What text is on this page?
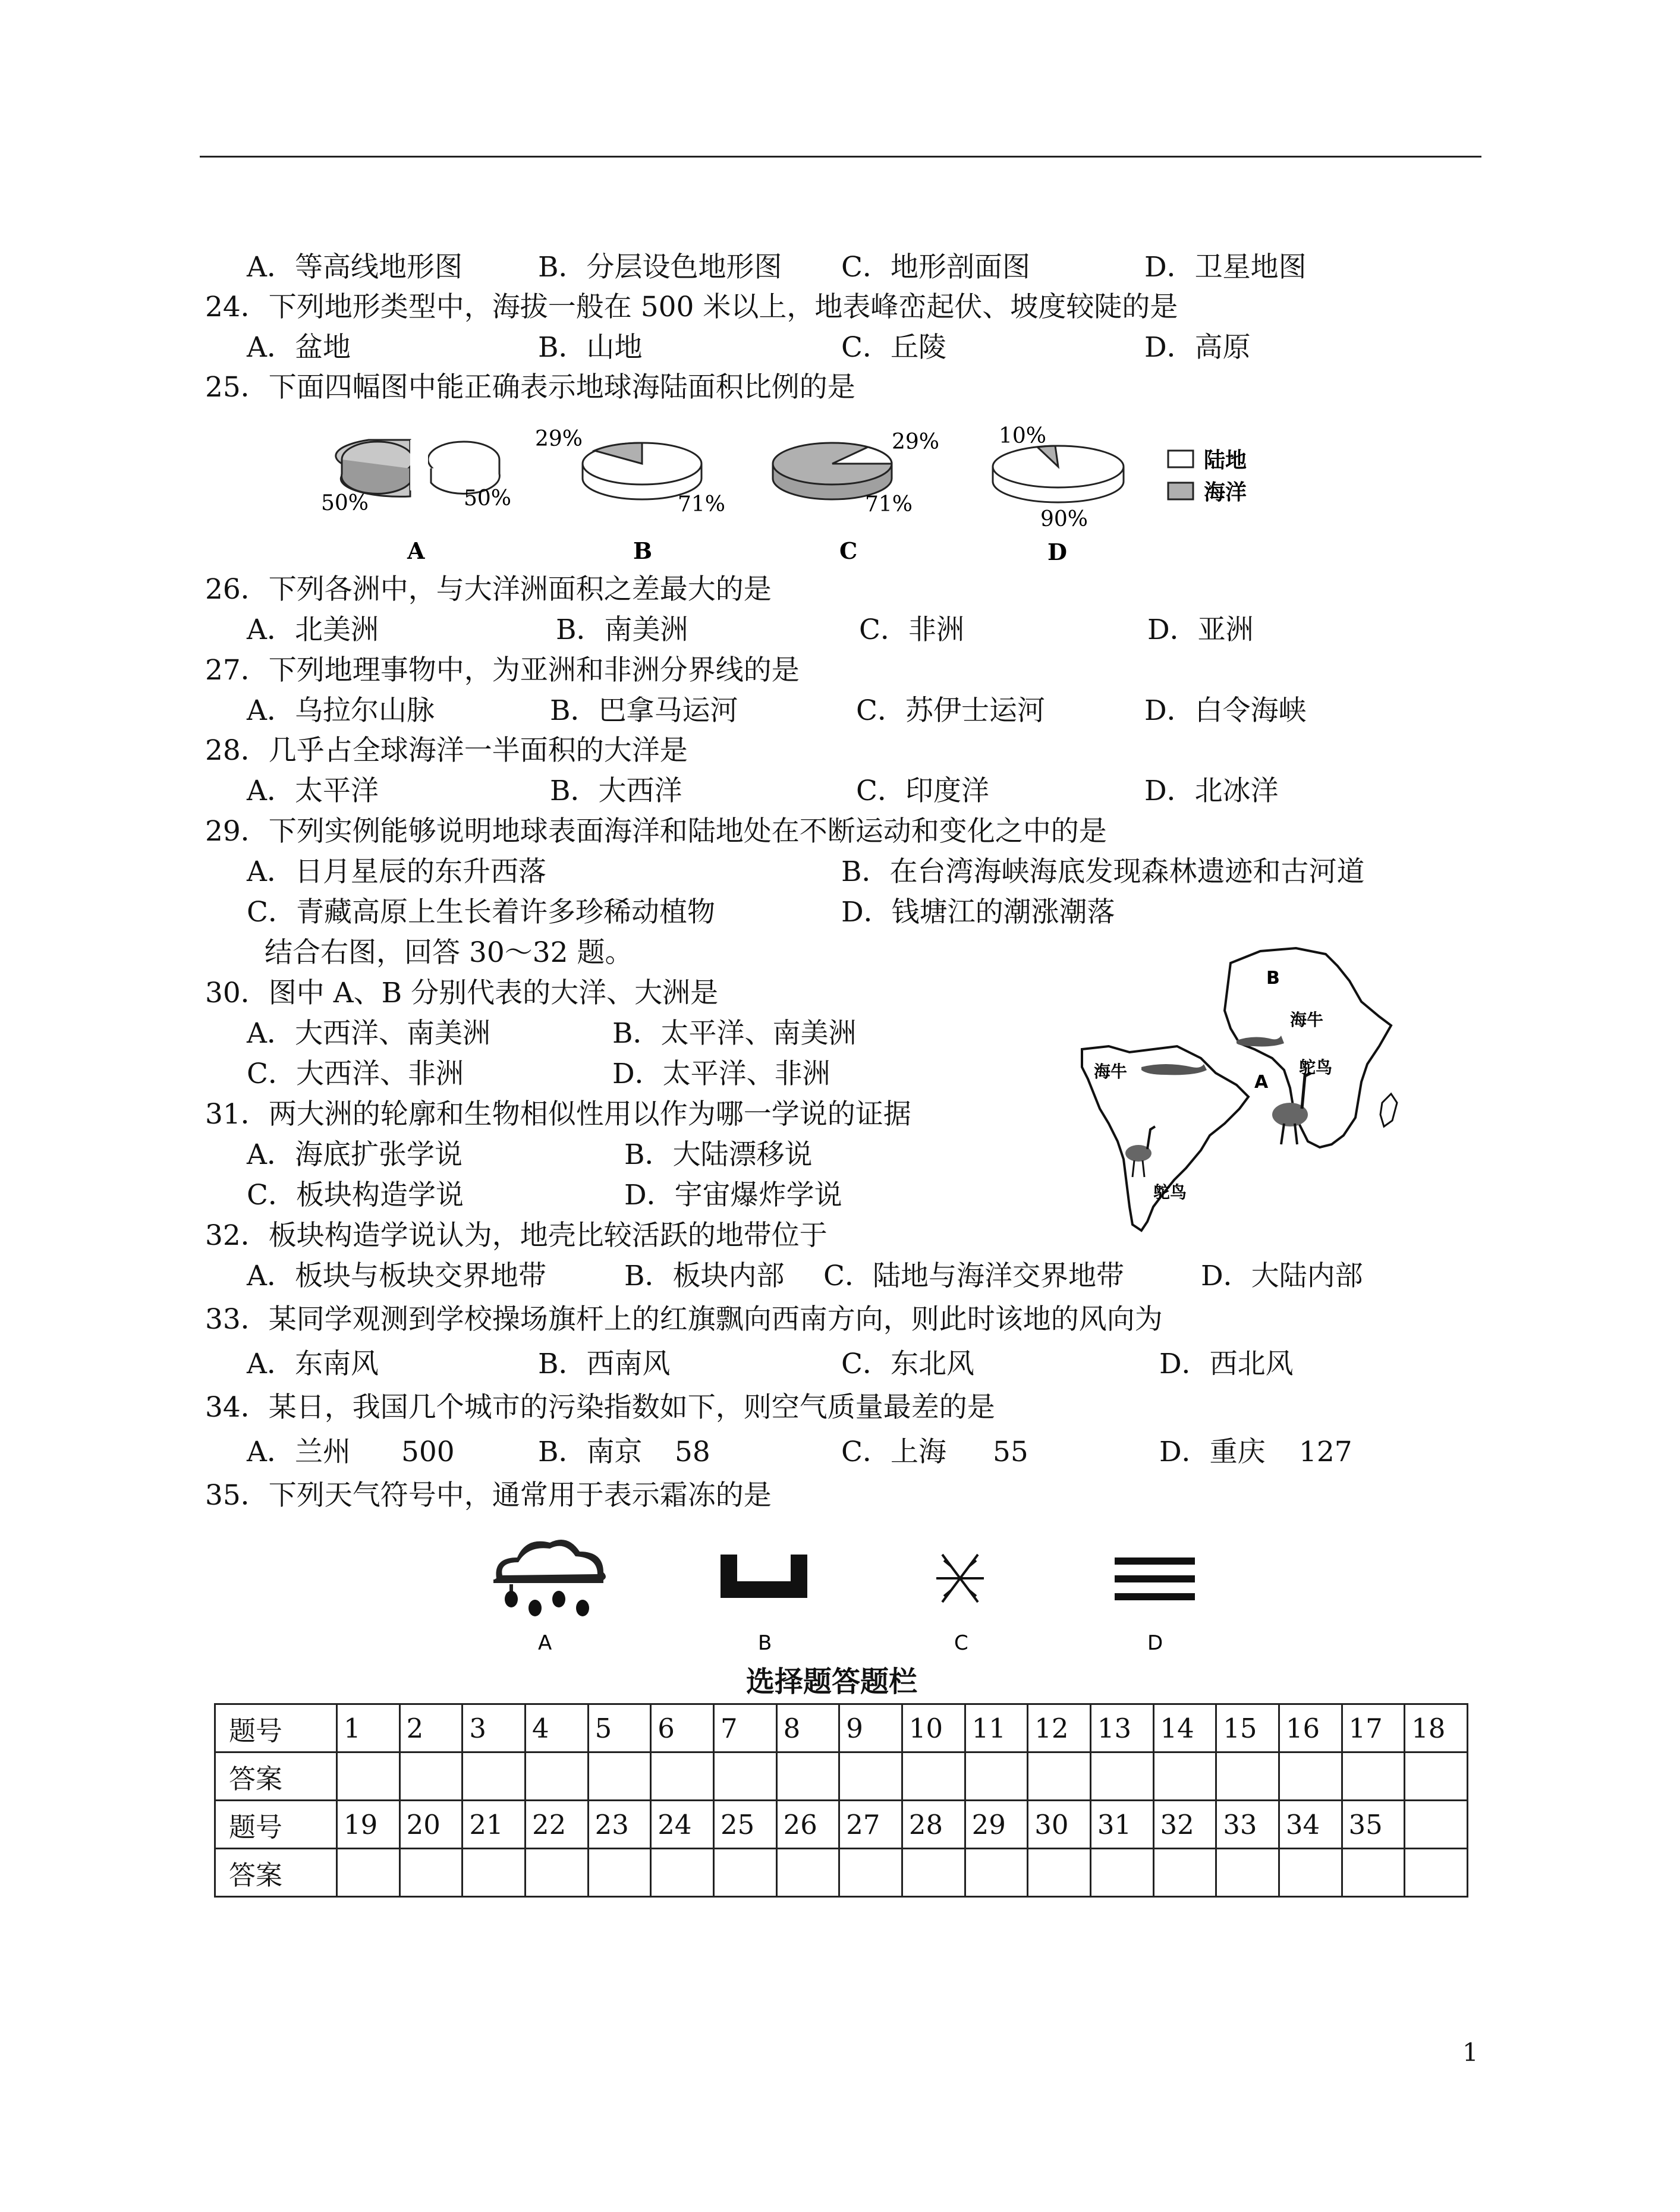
A．等高线地形图	B．分层设色地形图 C．地形剖面图	D．卫星地图
24．下列地形类型中，海拔一般在 500 米以上，地表峰峦起伏、坡度较陡的是
A．盆地	B．山地	C．丘陵	D．高原
25．下面四幅图中能正确表示地球海陆面积比例的是
50%	50%
A
29%
71%
B
29%
71%
C
10%
90%
D
陆地
海洋
26．下列各洲中，与大洋洲面积之差最大的是
A．北美洲	B．南美洲	C．非洲	D．亚洲
27．下列地理事物中，为亚洲和非洲分界线的是
A．乌拉尔山脉	B．巴拿马运河	C．苏伊士运河	D．白令海峡
28．几乎占全球海洋一半面积的大洋是
A．太平洋	B．大西洋	C．印度洋	D．北冰洋
29．下列实例能够说明地球表面海洋和陆地处在不断运动和变化之中的是
A．日月星辰的东升西落	B．在台湾海峡海底发现森林遗迹和古河道
C．青藏高原上生长着许多珍稀动植物	D．钱塘江的潮涨潮落
结合右图，回答 30～32 题。
B
A
海牛
海牛
鸵鸟
鸵鸟
30．图中 A、B 分别代表的大洋、大洲是
A．大西洋、南美洲	B．太平洋、南美洲
C．大西洋、非洲	D．太平洋、非洲
31．两大洲的轮廓和生物相似性用以作为哪一学说的证据
A．海底扩张学说	B．大陆漂移说
C．板块构造学说	D．宇宙爆炸学说
32．板块构造学说认为，地壳比较活跃的地带位于
A．板块与板块交界地带	B．板块内部 C．陆地与海洋交界地带	D．大陆内部
33．某同学观测到学校操场旗杆上的红旗飘向西南方向，则此时该地的风向为
A．东南风	B．西南风	C．东北风	D．西北风
34．某日，我国几个城市的污染指数如下，则空气质量最差的是
A．兰州 500	B．南京 58	C．上海 55	D．重庆 127
35．下列天气符号中，通常用于表示霜冻的是
A	B	C	D
选择题答题栏
题号	1	2	3	4	5	6	7	8	9	10	11	12	13	14	15	16	17	18
答案																		
题号	19	20	21	22	23	24	25	26	27	28	29	30	31	32	33	34	35	
答案																		
1
